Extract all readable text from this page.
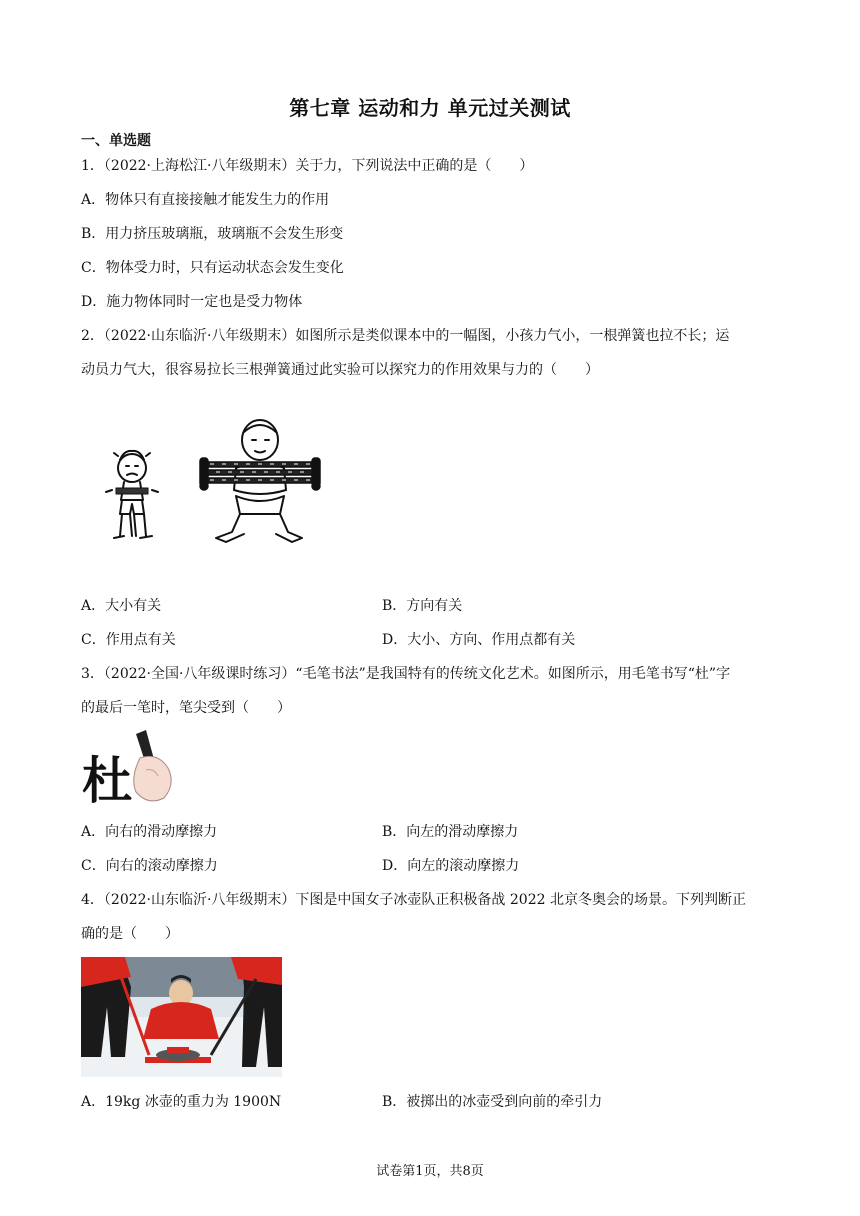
第七章 运动和力 单元过关测试
一、单选题
1．（2022·上海松江·八年级期末）关于力，下列说法中正确的是（　　）
A．物体只有直接接触才能发生力的作用
B．用力挤压玻璃瓶，玻璃瓶不会发生形变
C．物体受力时，只有运动状态会发生变化
D．施力物体同时一定也是受力物体
2．（2022·山东临沂·八年级期末）如图所示是类似课本中的一幅图，小孩力气小，一根弹簧也拉不长；运
动员力气大，很容易拉长三根弹簧通过此实验可以探究力的作用效果与力的（　　）
A．大小有关	B．方向有关
C．作用点有关	D．大小、方向、作用点都有关
3．（2022·全国·八年级课时练习）“毛笔书法”是我国特有的传统文化艺术。如图所示，用毛笔书写“杜”字
的最后一笔时，笔尖受到（　　）
杜
A．向右的滑动摩擦力	B．向左的滑动摩擦力
C．向右的滚动摩擦力	D．向左的滚动摩擦力
4．（2022·山东临沂·八年级期末）下图是中国女子冰壶队正积极备战 2022 北京冬奥会的场景。下列判断正
确的是（　　）
A．19kg 冰壶的重力为 1900N	B．被掷出的冰壶受到向前的牵引力
试卷第1页，共8页
